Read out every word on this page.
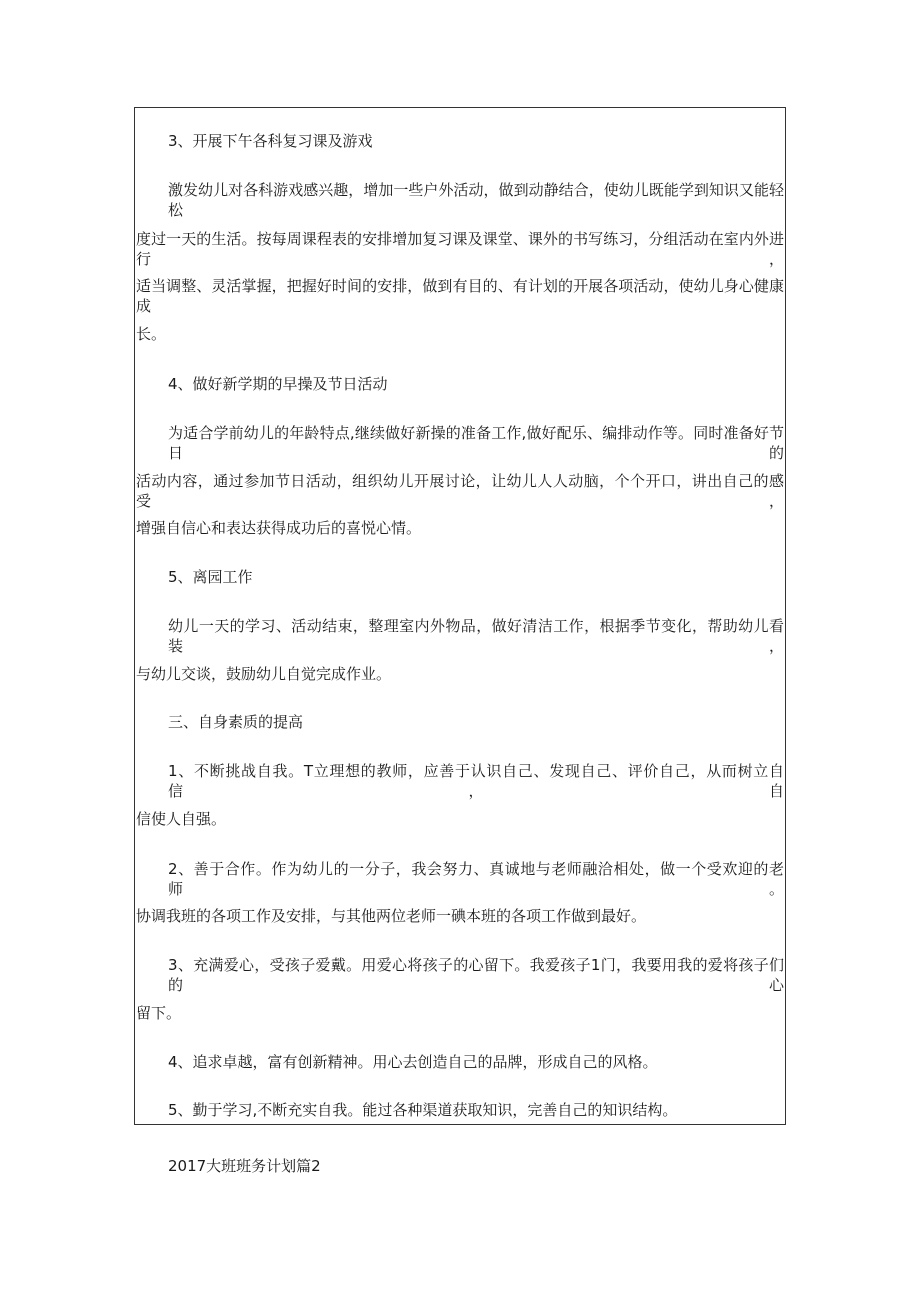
3、开展下午各科复习课及游戏
激发幼儿对各科游戏感兴趣，增加一些户外活动，做到动静结合，使幼儿既能学到知识又能轻松
度过一天的生活。按每周课程表的安排增加复习课及课堂、课外的书写练习，分组活动在室内外进行，
适当调整、灵活掌握，把握好时间的安排，做到有目的、有计划的开展各项活动，使幼儿身心健康成
长。
4、做好新学期的早操及节日活动
为适合学前幼儿的年龄特点,继续做好新操的准备工作,做好配乐、编排动作等。同时准备好节日的
活动内容，通过参加节日活动，组织幼儿开展讨论，让幼儿人人动脑，个个开口，讲出自己的感受，
增强自信心和表达获得成功后的喜悦心情。
5、离园工作
幼儿一天的学习、活动结束，整理室内外物品，做好清洁工作，根据季节变化，帮助幼儿看装，
与幼儿交谈，鼓励幼儿自觉完成作业。
三、自身素质的提高
1、不断挑战自我。T立理想的教师，应善于认识自己、发现自己、评价自己，从而树立自信，自
信使人自强。
2、善于合作。作为幼儿的一分子，我会努力、真诚地与老师融洽相处，做一个受欢迎的老师。
协调我班的各项工作及安排，与其他两位老师一碘本班的各项工作做到最好。
3、充满爱心，受孩子爱戴。用爱心将孩子的心留下。我爱孩子1门，我要用我的爱将孩子们的心
留下。
4、追求卓越，富有创新精神。用心去创造自己的品牌，形成自己的风格。
5、勤于学习,不断充实自我。能过各种渠道获取知识，完善自己的知识结构。
2017大班班务计划篇2
